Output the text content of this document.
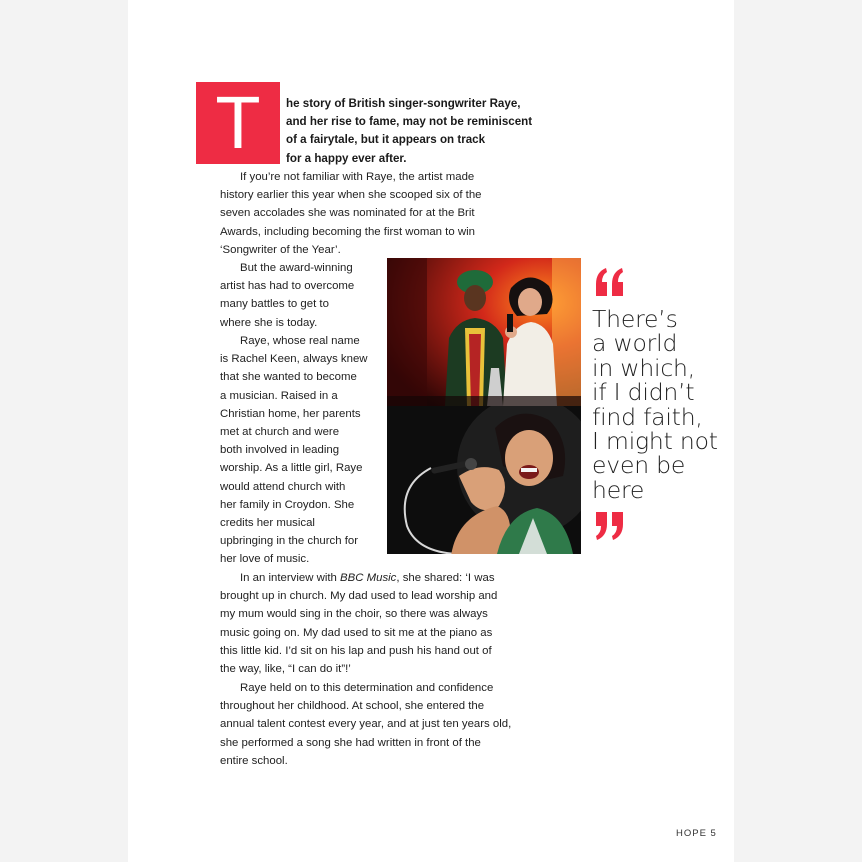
T	he story of British singer-songwriter Raye,
and her rise to fame, may not be reminiscent
of a fairytale, but it appears on track
for a happy ever after.
If you’re not familiar with Raye, the artist made
history earlier this year when she scooped six of the
seven accolades she was nominated for at the Brit
Awards, including becoming the first woman to win
‘Songwriter of the Year’.
But the award-winning
artist has had to overcome
many battles to get to
where she is today.
Raye, whose real name
is Rachel Keen, always knew
that she wanted to become
a musician. Raised in a
Christian home, her parents
met at church and were
both involved in leading
worship. As a little girl, Raye
would attend church with
her family in Croydon. She
credits her musical
upbringing in the church for
her love of music.
In an interview with BBC Music, she shared: ‘I was
brought up in church. My dad used to lead worship and
my mum would sing in the choir, so there was always
music going on. My dad used to sit me at the piano as
this little kid. I’d sit on his lap and push his hand out of
the way, like, “I can do it”!’
Raye held on to this determination and confidence
throughout her childhood. At school, she entered the
annual talent contest every year, and at just ten years old,
she performed a song she had written in front of the
entire school.
There’s
a world
in which,
if I didn’t
find faith,
I might not
even be
here
HOPE 5
